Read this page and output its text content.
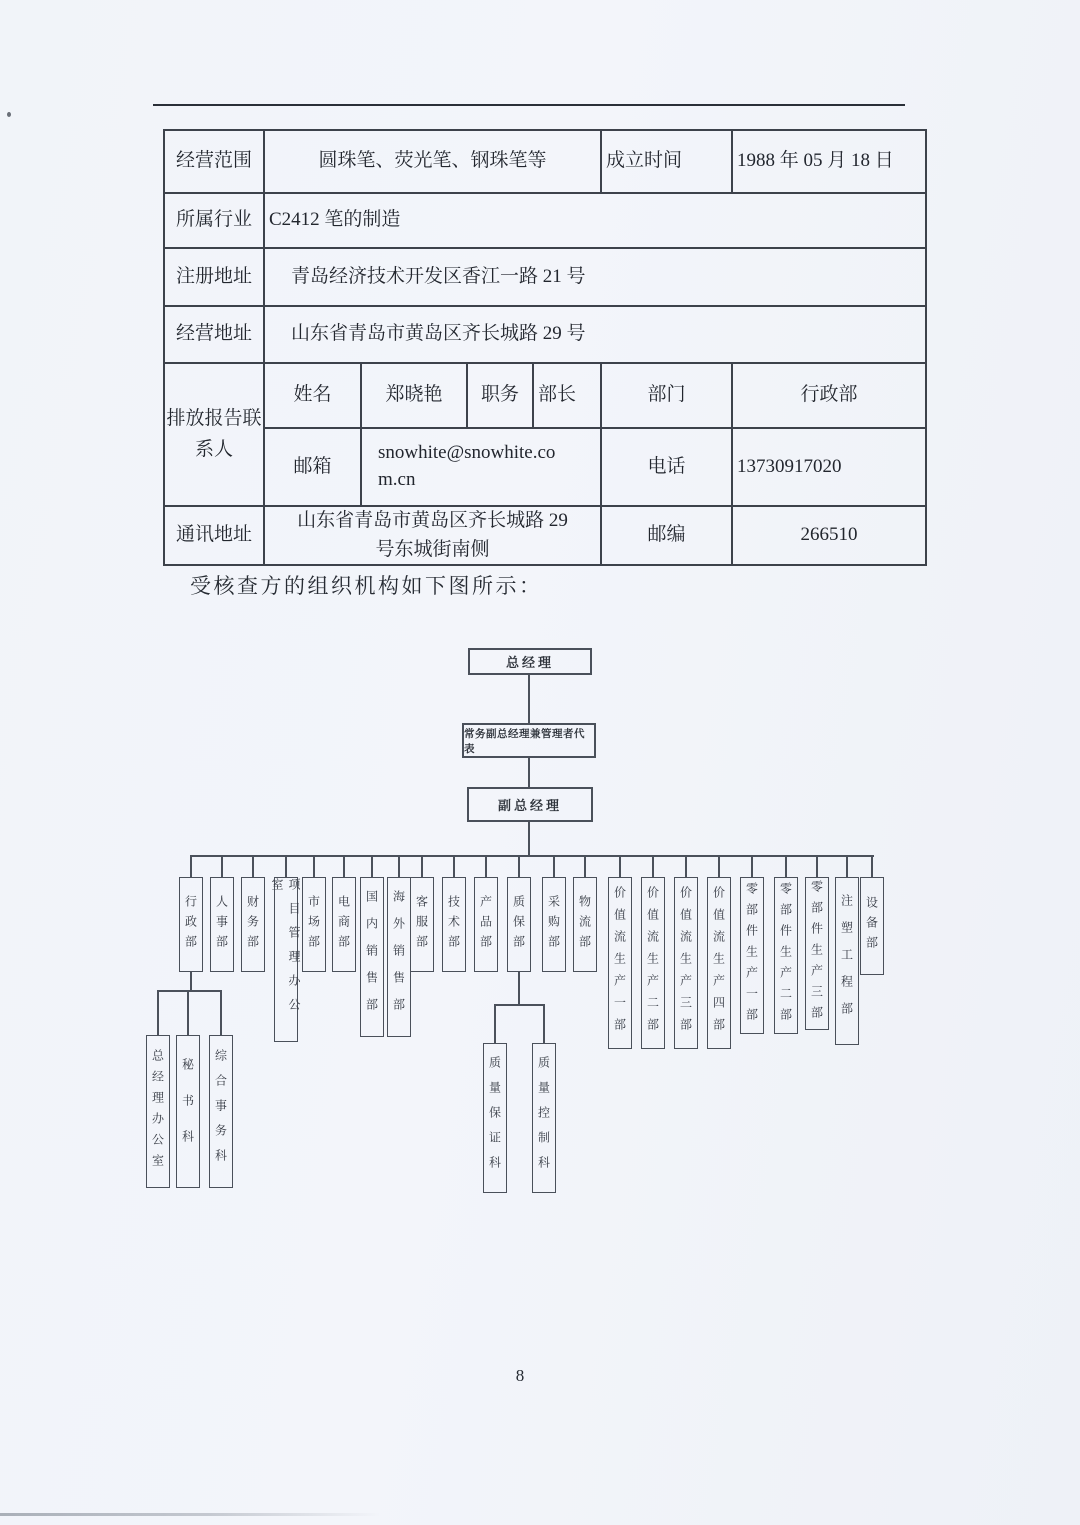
经营范围	圆珠笔、荧光笔、钢珠笔等				成立时间	1988 年 05 月 18 日
所属行业	C2412 笔的制造					
注册地址	青岛经济技术开发区香江一路 21 号					
经营地址	山东省青岛市黄岛区齐长城路 29 号					
排放报告联系人	姓名	郑晓艳	职务	部长	部门	行政部
	邮箱	snowhite@snowhite.com.cn			电话	13730917020
通讯地址	山东省青岛市黄岛区齐长城路 29 号东城街南侧				邮编	266510
受核查方的组织机构如下图所示：
总经理
常务副总经理兼管理者代表
副总经理
行政部	人事部	财务部	项目管理办公室
市场部	电商部	国内销售部	海外销售部 客服部	技术部	产品部	质保部	采购部	物流部	价值流生产一部	价值流生产二部	价值流生产三部	价值流生产四部	零部件生产一部	零部件生产二部	零部件生产三部	注塑工程部 设备部
总经理办公室	秘书科	综合事务科	质量保证科	质量控制科
8
